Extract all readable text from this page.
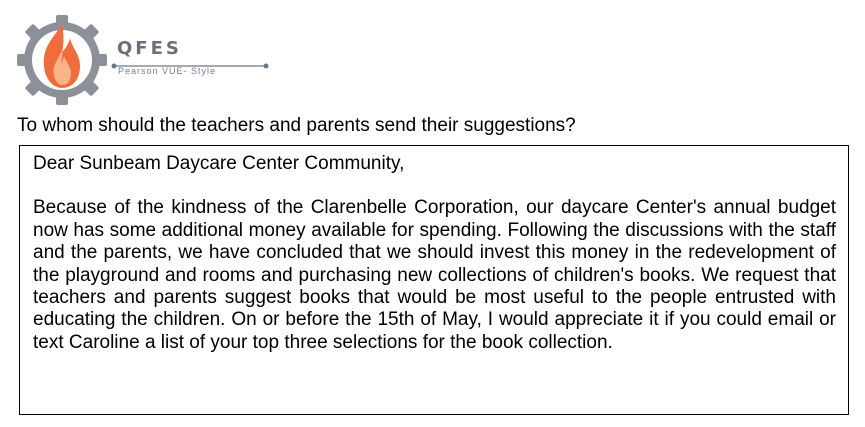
QFES
Pearson VUE- Style
To whom should the teachers and parents send their suggestions?

Dear Sunbeam Daycare Center Community,

Because of the kindness of the Clarenbelle Corporation, our daycare Center's annual budget now has some additional money available for spending. Following the discussions with the staff and the parents, we have concluded that we should invest this money in the redevelopment of the playground and rooms and purchasing new collections of children's books. We request that teachers and parents suggest books that would be most useful to the people entrusted with educating the children. On or before the 15th of May, I would appreciate it if you could email or text Caroline a list of your top three selections for the book collection.
